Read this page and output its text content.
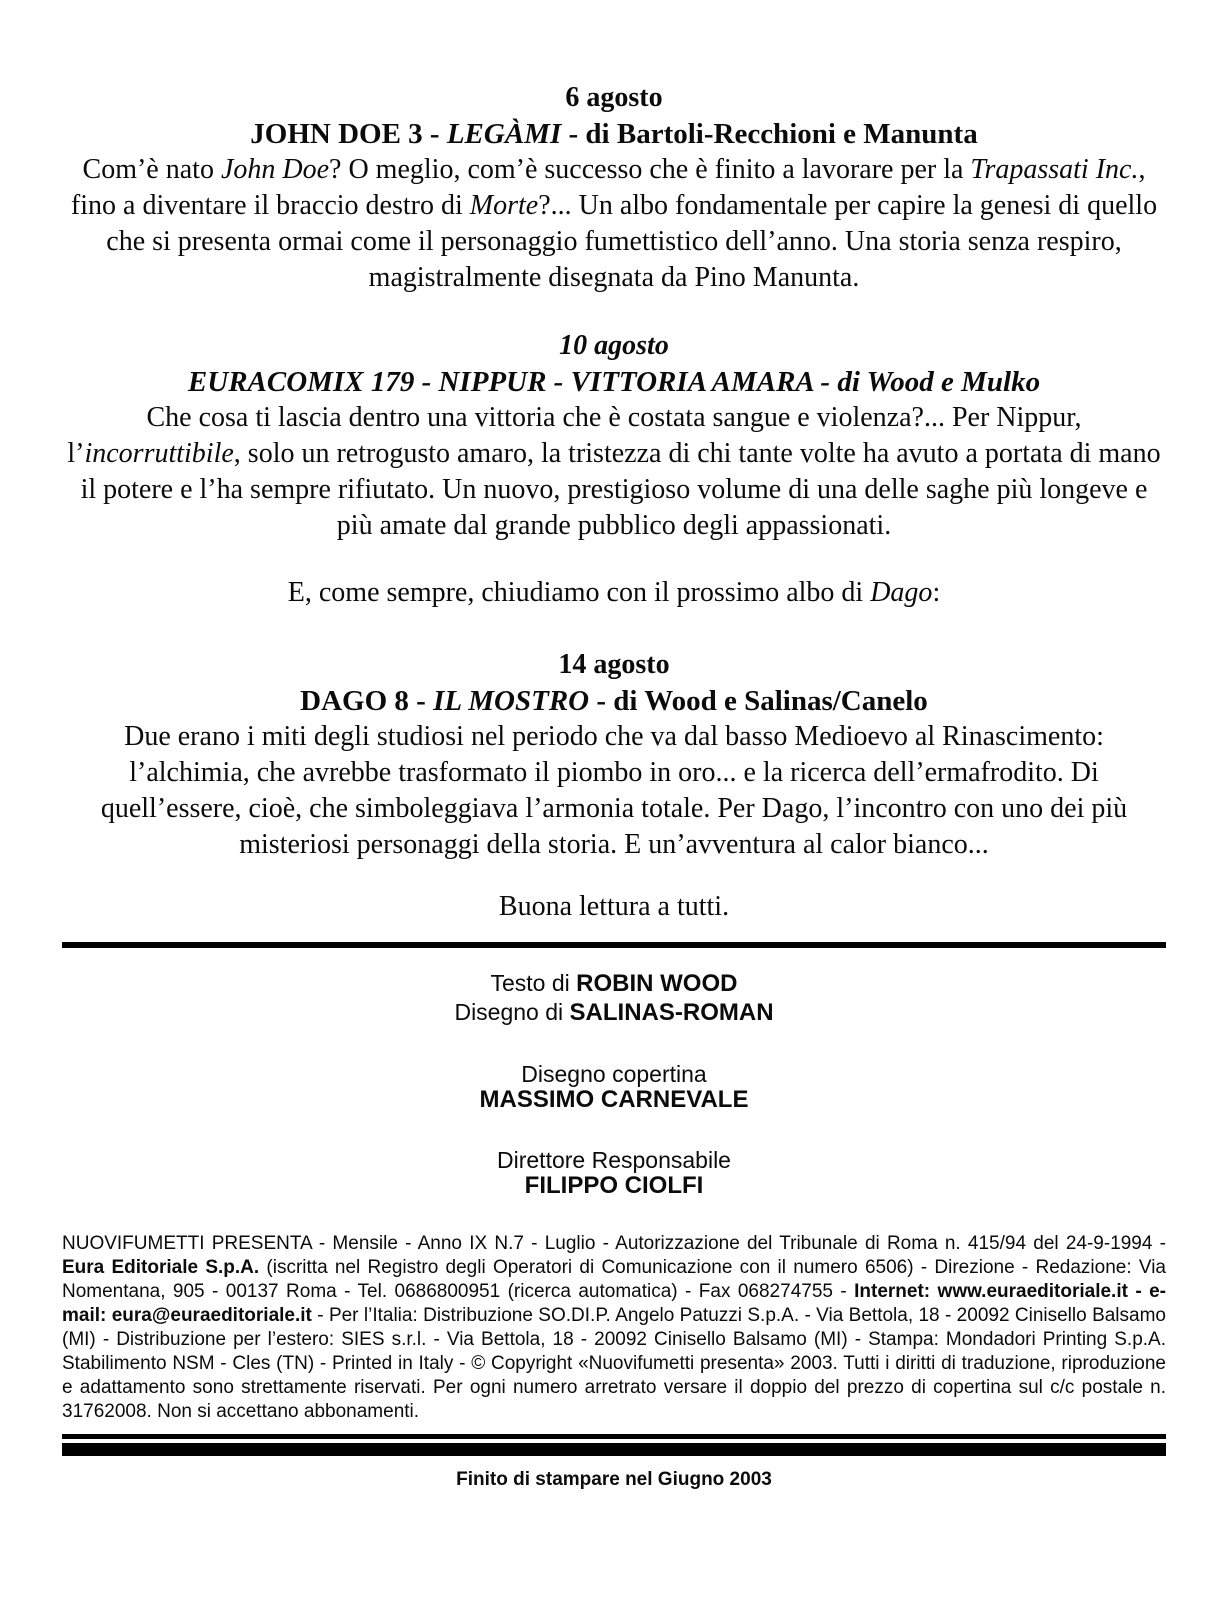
6 agosto
JOHN DOE 3 - LEGÀMI - di Bartoli-Recchioni e Manunta

Com’è nato John Doe? O meglio, com’è successo che è finito a lavorare per la Trapassati Inc., fino a diventare il braccio destro di Morte?... Un albo fondamentale per capire la genesi di quello che si presenta ormai come il personaggio fumettistico dell’anno. Una storia senza respiro, magistralmente disegnata da Pino Manunta.

10 agosto
EURACOMIX 179 - NIPPUR - VITTORIA AMARA - di Wood e Mulko

Che cosa ti lascia dentro una vittoria che è costata sangue e violenza?... Per Nippur, l’incorruttibile, solo un retrogusto amaro, la tristezza di chi tante volte ha avuto a portata di mano il potere e l’ha sempre rifiutato. Un nuovo, prestigioso volume di una delle saghe più longeve e più amate dal grande pubblico degli appassionati.

E, come sempre, chiudiamo con il prossimo albo di Dago:

14 agosto
DAGO 8 - IL MOSTRO - di Wood e Salinas/Canelo

Due erano i miti degli studiosi nel periodo che va dal basso Medioevo al Rinascimento: l’alchimia, che avrebbe trasformato il piombo in oro... e la ricerca dell’ermafrodito. Di quell’essere, cioè, che simboleggiava l’armonia totale. Per Dago, l’incontro con uno dei più misteriosi personaggi della storia. E un’avventura al calor bianco...

Buona lettura a tutti.

Testo di ROBIN WOOD
Disegno di SALINAS-ROMAN
Disegno copertina
MASSIMO CARNEVALE
Direttore Responsabile
FILIPPO CIOLFI

NUOVIFUMETTI PRESENTA - Mensile - Anno IX N.7 - Luglio - Autorizzazione del Tribunale di Roma n. 415/94 del 24-9-1994 - Eura Editoriale S.p.A. (iscritta nel Registro degli Operatori di Comunicazione con il numero 6506) - Direzione - Redazione: Via Nomentana, 905 - 00137 Roma - Tel. 0686800951 (ricerca automatica) - Fax 068274755 - Internet: www.euraeditoriale.it - e-mail: eura@euraeditoriale.it - Per l’Italia: Distribuzione SO.DI.P. Angelo Patuzzi S.p.A. - Via Bettola, 18 - 20092 Cinisello Balsamo (MI) - Distribuzione per l’estero: SIES s.r.l. - Via Bettola, 18 - 20092 Cinisello Balsamo (MI) - Stampa: Mondadori Printing S.p.A. Stabilimento NSM - Cles (TN) - Printed in Italy - © Copyright «Nuovifumetti presenta» 2003. Tutti i diritti di traduzione, riproduzione e adattamento sono strettamente riservati. Per ogni numero arretrato versare il doppio del prezzo di copertina sul c/c postale n. 31762008. Non si accettano abbonamenti.

Finito di stampare nel Giugno 2003
